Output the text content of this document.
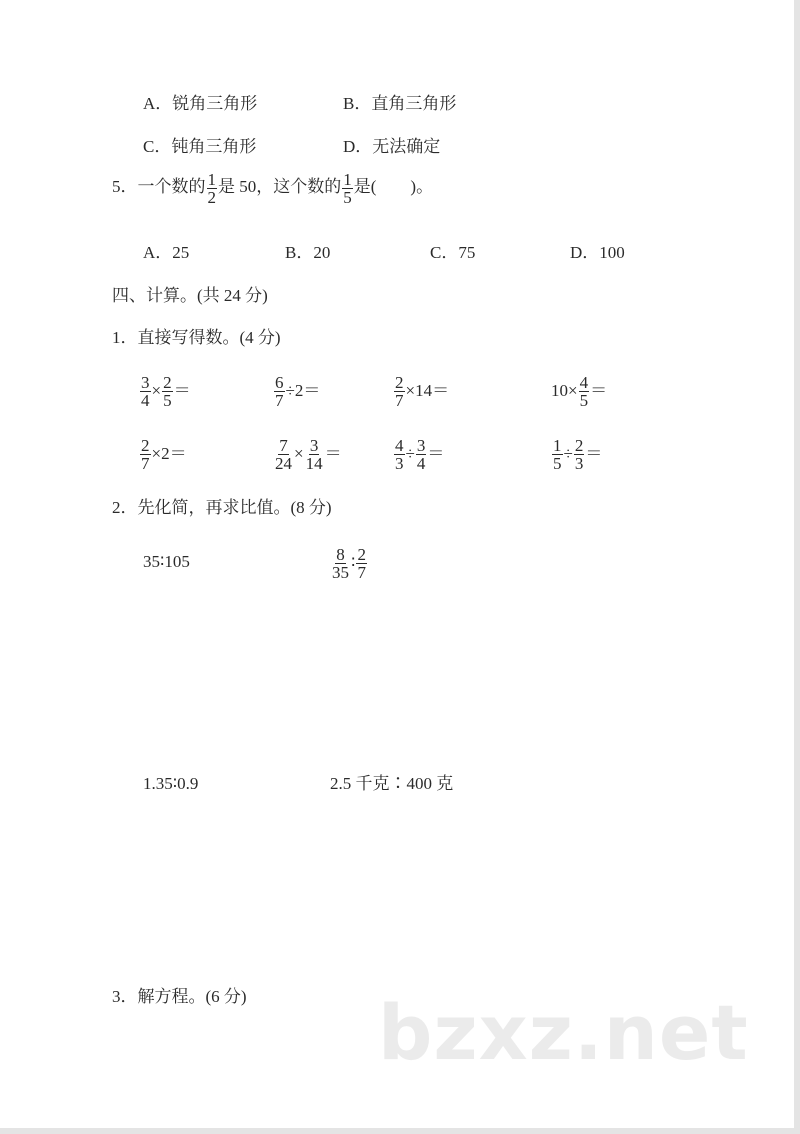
A．锐角三角形	B．直角三角形
C．钝角三角形	D．无法确定
5．一个数的 $\frac{1}{2}$ 是 50，这个数的 $\frac{1}{5}$ 是( )。
A．25	B．20	C．75	D．100
四、计算。(共 24 分)
1．直接写得数。(4 分)
$\frac{3}{4} \times \frac{2}{5}$ ＝	$\frac{6}{7} \div 2=$	$\frac{2}{7} \times 14=$	$10\times \frac{4}{5}$ ＝
$\frac{2}{7} \times 2=$	$\frac{7}{24} \times \frac{3}{14}$ ＝	$\frac{4}{3} \div \frac{3}{4}$ ＝	$\frac{1}{5} \div \frac{2}{3}$ ＝
2．先化简，再求比值。(8 分)
35∶105	$\frac{8}{35}$ ∶ $\frac{2}{7}$
1.35∶0.9	2.5 千克∶400 克
3．解方程。(6 分) bzxz.net
